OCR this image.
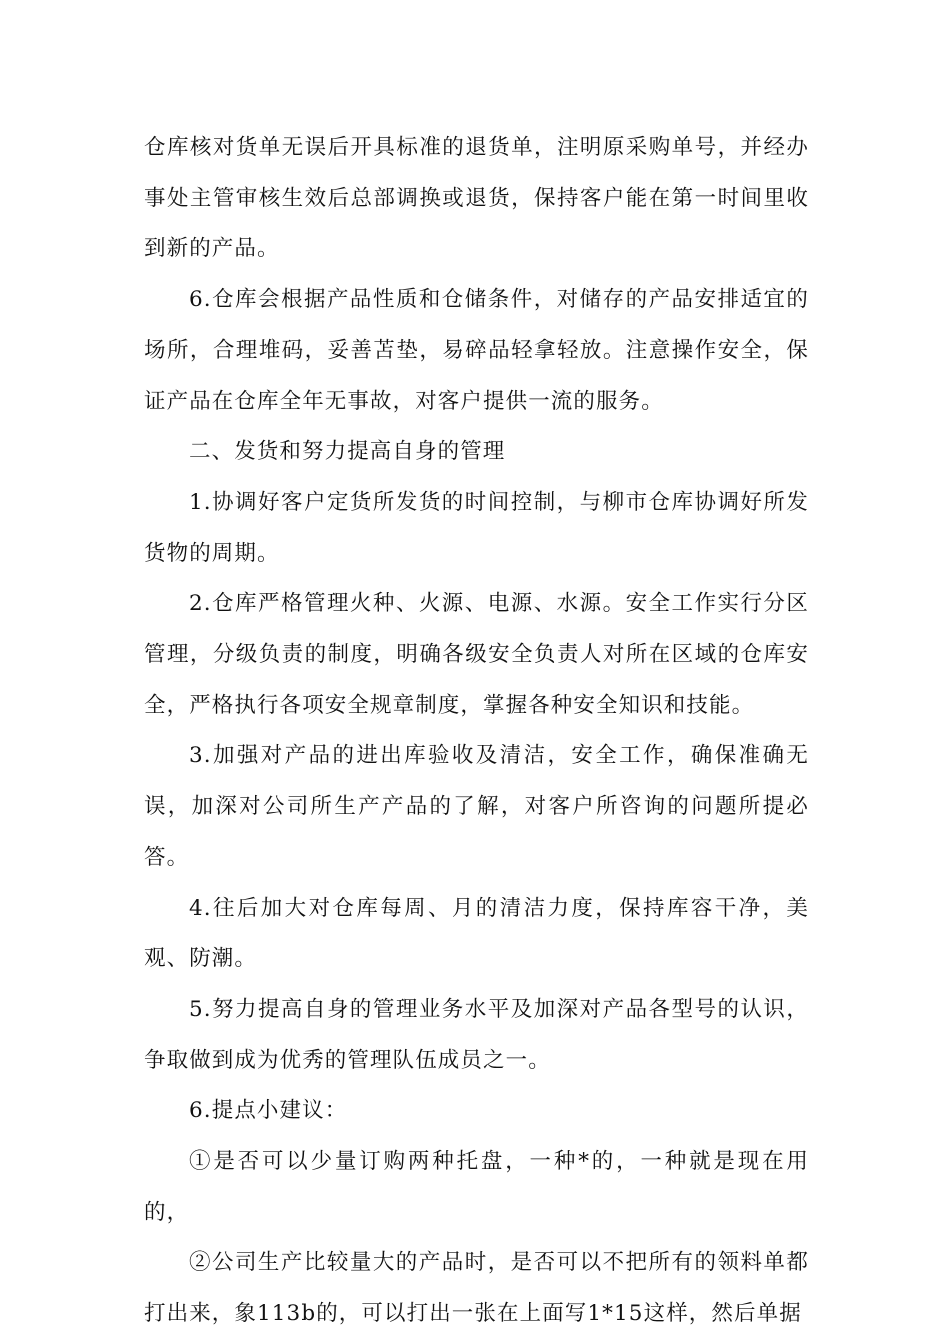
仓库核对货单无误后开具标准的退货单，注明原采购单号，并经办事处主管审核生效后总部调换或退货，保持客户能在第一时间里收到新的产品。

6.仓库会根据产品性质和仓储条件，对储存的产品安排适宜的场所，合理堆码，妥善苫垫，易碎品轻拿轻放。注意操作安全，保证产品在仓库全年无事故，对客户提供一流的服务。

二、发货和努力提高自身的管理

1.协调好客户定货所发货的时间控制，与柳市仓库协调好所发货物的周期。

2.仓库严格管理火种、火源、电源、水源。安全工作实行分区管理，分级负责的制度，明确各级安全负责人对所在区域的仓库安全，严格执行各项安全规章制度，掌握各种安全知识和技能。

3.加强对产品的进出库验收及清洁，安全工作，确保准确无误，加深对公司所生产产品的了解，对客户所咨询的问题所提必答。

4.往后加大对仓库每周、月的清洁力度，保持库容干净，美观、防潮。

5.努力提高自身的管理业务水平及加深对产品各型号的认识，争取做到成为优秀的管理队伍成员之一。

6.提点小建议：

①是否可以少量订购两种托盘，一种*的，一种就是现在用的，

②公司生产比较量大的产品时，是否可以不把所有的领料单都打出来，象113b的，可以打出一张在上面写1*15这样，然后单据
